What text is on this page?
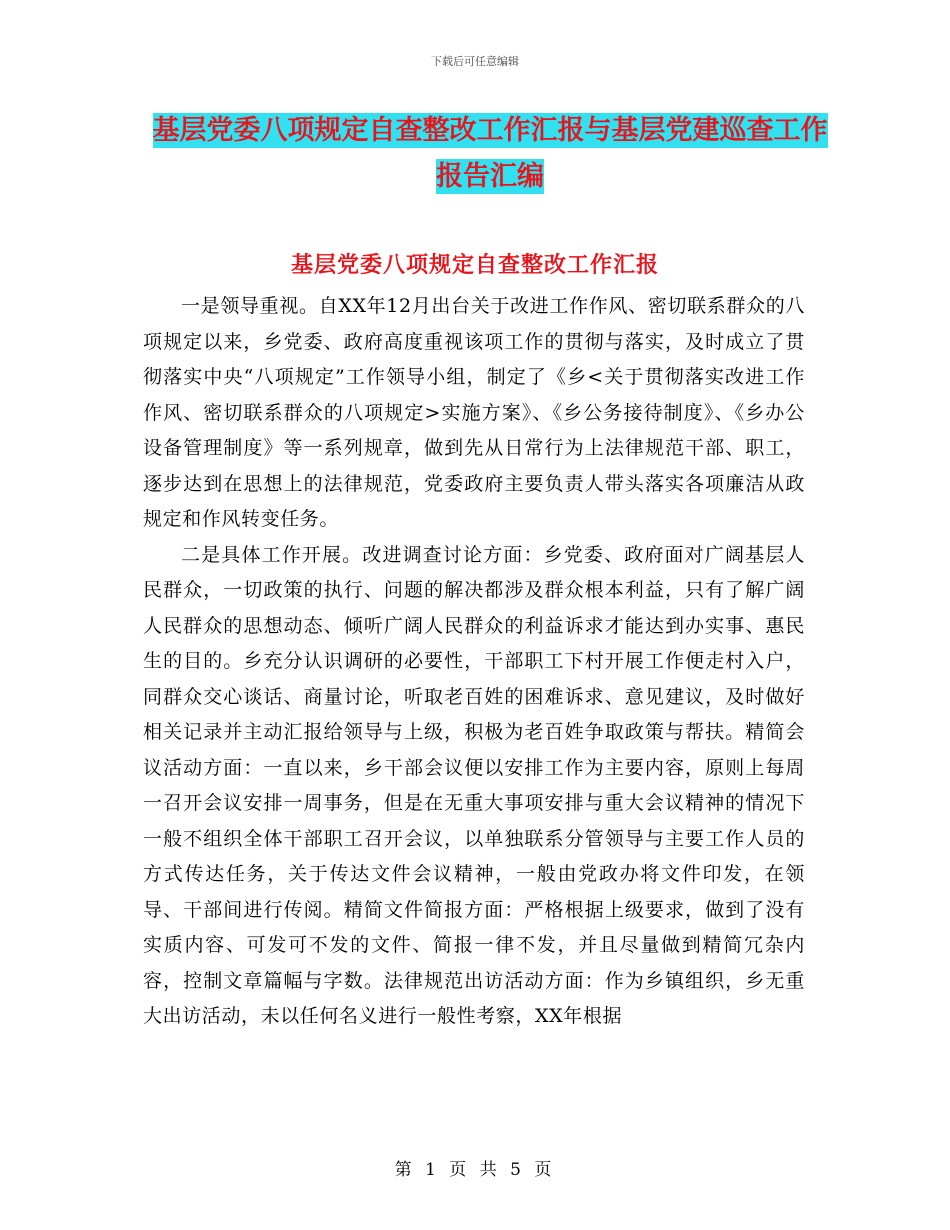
下载后可任意编辑
基层党委八项规定自查整改工作汇报与基层党建巡查工作报告汇编
基层党委八项规定自查整改工作汇报

一是领导重视。自XX年12月出台关于改进工作作风、密切联系群众的八项规定以来，乡党委、政府高度重视该项工作的贯彻与落实，及时成立了贯彻落实中央“八项规定”工作领导小组，制定了《乡<关于贯彻落实改进工作作风、密切联系群众的八项规定>实施方案》、《乡公务接待制度》、《乡办公设备管理制度》等一系列规章，做到先从日常行为上法律规范干部、职工，逐步达到在思想上的法律规范，党委政府主要负责人带头落实各项廉洁从政规定和作风转变任务。

二是具体工作开展。改进调查讨论方面：乡党委、政府面对广阔基层人民群众，一切政策的执行、问题的解决都涉及群众根本利益，只有了解广阔人民群众的思想动态、倾听广阔人民群众的利益诉求才能达到办实事、惠民生的目的。乡充分认识调研的必要性，干部职工下村开展工作便走村入户，同群众交心谈话、商量讨论，听取老百姓的困难诉求、意见建议，及时做好相关记录并主动汇报给领导与上级，积极为老百姓争取政策与帮扶。精简会议活动方面：一直以来，乡干部会议便以安排工作为主要内容，原则上每周一召开会议安排一周事务，但是在无重大事项安排与重大会议精神的情况下一般不组织全体干部职工召开会议，以单独联系分管领导与主要工作人员的方式传达任务，关于传达文件会议精神，一般由党政办将文件印发，在领导、干部间进行传阅。精简文件简报方面：严格根据上级要求，做到了没有实质内容、可发可不发的文件、简报一律不发，并且尽量做到精简冗杂内容，控制文章篇幅与字数。法律规范出访活动方面：作为乡镇组织，乡无重大出访活动，未以任何名义进行一般性考察，XX年根据

第 1 页 共 5 页
